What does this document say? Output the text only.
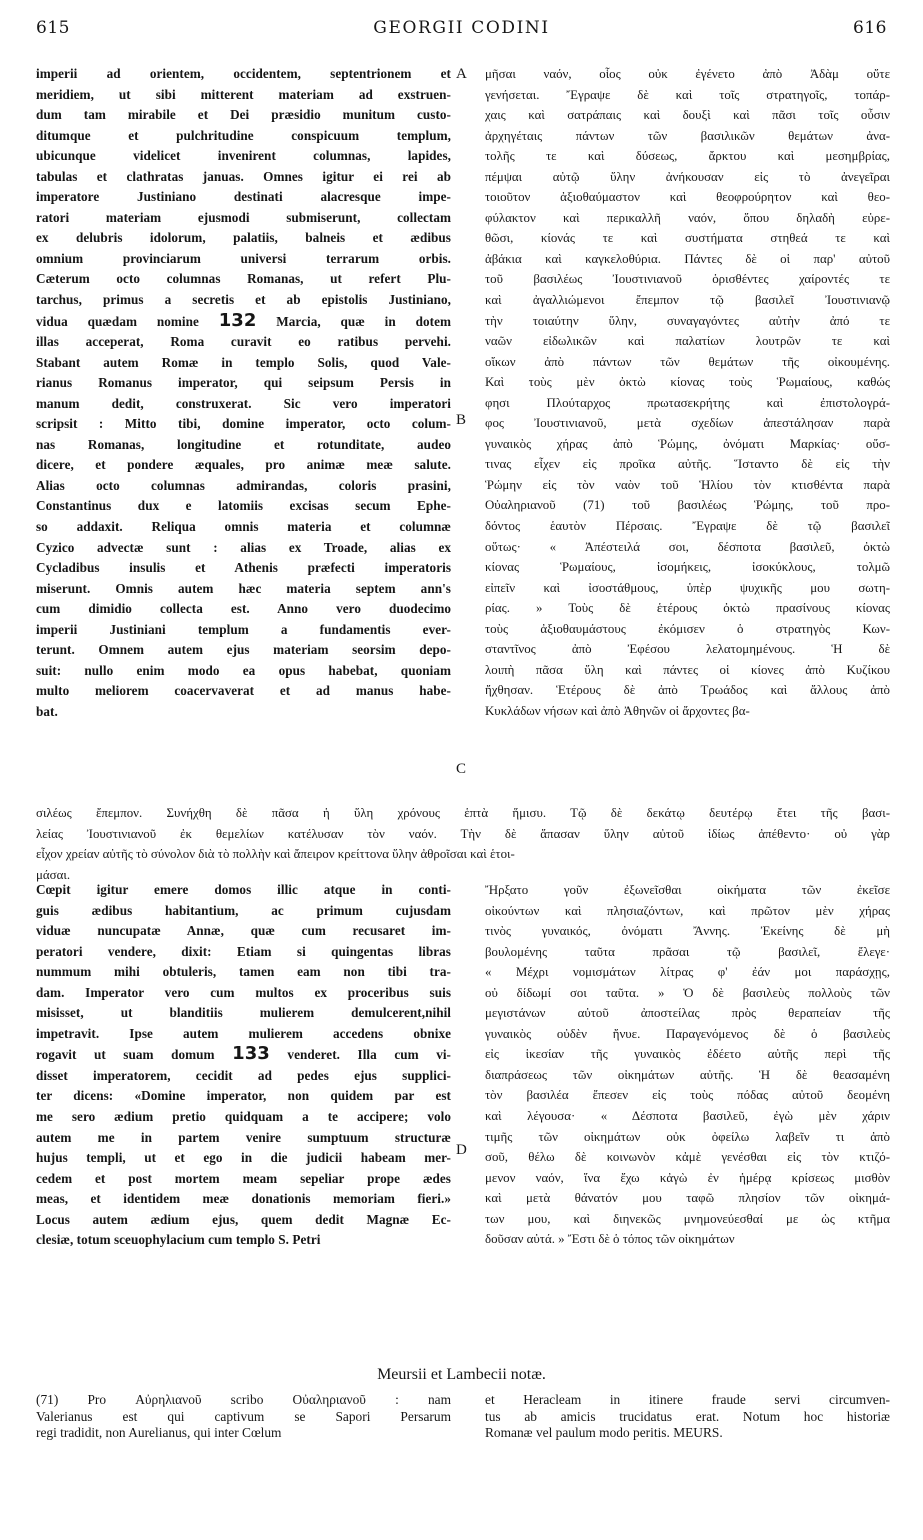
615	GEORGII CODINI	616
A
B
C
D
imperii ad orientem, occidentem, septentrionem et
meridiem, ut sibi mitterent materiam ad exstruen-
dum tam mirabile et Dei præsidio munitum custo-
ditumque et pulchritudine conspicuum templum,
ubicunque videlicet invenirent columnas, lapides,
tabulas et clathratas januas. Omnes igitur ei rei ab
imperatore Justiniano destinati alacresque impe-
ratori materiam ejusmodi submiserunt, collectam
ex delubris idolorum, palatiis, balneis et ædibus
omnium provinciarum universi terrarum orbis.
Cæterum octo columnas Romanas, ut refert Plu-
tarchus, primus a secretis et ab epistolis Justiniano,
vidua quædam nomine 132 Marcia, quæ in dotem
illas acceperat, Roma curavit eo ratibus pervehi.
Stabant autem Romæ in templo Solis, quod Vale-
rianus Romanus imperator, qui seipsum Persis in
manum dedit, construxerat. Sic vero imperatori
scripsit : Mitto tibi, domine imperator, octo colum-
nas Romanas, longitudine et rotunditate, audeo
dicere, et pondere æquales, pro animæ meæ salute.
Alias octo columnas admirandas, coloris prasini,
Constantinus dux e latomiis excisas secum Ephe-
so addaxit. Reliqua omnis materia et columnæ
Cyzico advectæ sunt : alias ex Troade, alias ex
Cycladibus insulis et Athenis præfecti imperatoris
miserunt. Omnis autem hæc materia septem ann's
cum dimidio collecta est. Anno vero duodecimo
imperii Justiniani templum a fundamentis ever-
terunt. Omnem autem ejus materiam seorsim depo-
suit: nullo enim modo ea opus habebat, quoniam
multo meliorem coacervaverat et ad manus habe-
bat.
μῆσαι ναόν, οἷος οὐκ ἐγένετο ἀπὸ Ἀδὰμ οὔτε
γενήσεται. Ἔγραψε δὲ καὶ τοῖς στρατηγοῖς, τοπάρ-
χαις καὶ σατράπαις καὶ δουξὶ καὶ πᾶσι τοῖς οὖσιν
ἀρχηγέταις πάντων τῶν βασιλικῶν θεμάτων ἀνα-
τολῆς τε καὶ δύσεως, ἄρκτου καὶ μεσημβρίας,
πέμψαι αὐτῷ ὕλην ἀνήκουσαν εἰς τὸ ἀνεγεῖραι
τοιοῦτον ἀξιοθαύμαστον καὶ θεοφρούρητον καὶ θεο-
φύλακτον καὶ περικαλλῆ ναόν, ὅπου δηλαδὴ εὑρε-
θῶσι, κίονάς τε καὶ συστήματα στηθεά τε καὶ
ἀβάκια καὶ καγκελοθύρια. Πάντες δὲ οἱ παρ' αὐτοῦ
τοῦ βασιλέως Ἰουστινιανοῦ ὁρισθέντες χαίροντές τε
καὶ ἀγαλλιώμενοι ἔπεμπον τῷ βασιλεῖ Ἰουστινιανῷ
τὴν τοιαύτην ὕλην, συναγαγόντες αὐτὴν ἀπό τε
ναῶν εἰδωλικῶν καὶ παλατίων λουτρῶν τε καὶ
οἴκων ἀπὸ πάντων τῶν θεμάτων τῆς οἰκουμένης.
Καὶ τοὺς μὲν ὀκτὼ κίονας τοὺς Ῥωμαίους, καθώς
φησι Πλούταρχος πρωτασεκρήτης καὶ ἐπιστολογρά-
φος Ἰουστινιανοῦ, μετὰ σχεδίων ἀπεστάλησαν παρὰ
γυναικὸς χήρας ἀπὸ Ῥώμης, ὀνόματι Μαρκίας· οὔσ-
τινας εἶχεν εἰς προῖκα αὐτῆς. Ἵσταντο δὲ εἰς τὴν
Ῥώμην εἰς τὸν ναὸν τοῦ Ἡλίου τὸν κτισθέντα παρὰ
Οὐαληριανοῦ (71) τοῦ βασιλέως Ῥώμης, τοῦ προ-
δόντος ἑαυτὸν Πέρσαις. Ἔγραψε δὲ τῷ βασιλεῖ
οὕτως· « Ἀπέστειλά σοι, δέσποτα βασιλεῦ, ὀκτὼ
κίονας Ῥωμαίους, ἰσομήκεις, ἰσοκύκλους, τολμῶ
εἰπεῖν καὶ ἰσοστάθμους, ὑπὲρ ψυχικῆς μου σωτη-
ρίας. » Τοὺς δὲ ἑτέρους ὀκτὼ πρασίνους κίονας
τοὺς ἀξιοθαυμάστους ἐκόμισεν ὁ στρατηγὸς Κων-
σταντῖνος ἀπὸ Ἐφέσου λελατομημένους. Ἡ δὲ
λοιπὴ πᾶσα ὕλη καὶ πάντες οἱ κίονες ἀπὸ Κυζίκου
ἤχθησαν. Ἑτέρους δὲ ἀπὸ Τρωάδος καὶ ἄλλους ἀπὸ
Κυκλάδων νήσων καὶ ἀπὸ Ἀθηνῶν οἱ ἄρχοντες βα-
σιλέως ἔπεμπον. Συνήχθη δὲ πᾶσα ἡ ὕλη χρόνους ἑπτὰ ἥμισυ. Τῷ δὲ δεκάτῳ δευτέρῳ ἔτει τῆς βασι-
λείας Ἰουστινιανοῦ ἐκ θεμελίων κατέλυσαν τὸν ναόν. Τὴν δὲ ἅπασαν ὕλην αὐτοῦ ἰδίως ἀπέθεντο· οὐ γὰρ
εἶχον χρείαν αὐτῆς τὸ σύνολον διὰ τὸ πολλὴν καὶ ἄπειρον κρείττονα ὕλην ἀθροῖσαι καὶ ἑτοι-
μάσαι.
Cœpit igitur emere domos illic atque in conti-
guis ædibus habitantium, ac primum cujusdam
viduæ nuncupatæ Annæ, quæ cum recusaret im-
peratori vendere, dixit: Etiam si quingentas libras
nummum mihi obtuleris, tamen eam non tibi tra-
dam. Imperator vero cum multos ex proceribus suis
misisset, ut blanditiis mulierem demulcerent,nihil
impetravit. Ipse autem mulierem accedens obnixe
rogavit ut suam domum 133 venderet. Illa cum vi-
disset imperatorem, cecidit ad pedes ejus supplici-
ter dicens: «Domine imperator, non quidem par est
me sero ædium pretio quidquam a te accipere; volo
autem me in partem venire sumptuum structuræ
hujus templi, ut et ego in die judicii habeam mer-
cedem et post mortem meam sepeliar prope ædes
meas, et identidem meæ donationis memoriam fieri.»
Locus autem ædium ejus, quem dedit Magnæ Ec-
clesiæ, totum sceuophylacium cum templo S. Petri
Ἤρξατο γοῦν ἐξωνεῖσθαι οἰκήματα τῶν ἐκεῖσε
οἰκούντων καὶ πλησιαζόντων, καὶ πρῶτον μὲν χήρας
τινὸς γυναικός, ὀνόματι Ἄννης. Ἐκείνης δὲ μὴ
βουλομένης ταῦτα πρᾶσαι τῷ βασιλεῖ, ἔλεγε·
« Μέχρι νομισμάτων λίτρας φ' ἐάν μοι παράσχῃς,
οὐ δίδωμί σοι ταῦτα. » Ὁ δὲ βασιλεὺς πολλοὺς τῶν
μεγιστάνων αὐτοῦ ἀποστείλας πρὸς θεραπείαν τῆς
γυναικὸς οὐδὲν ἤνυε. Παραγενόμενος δὲ ὁ βασιλεὺς
εἰς ἱκεσίαν τῆς γυναικὸς ἐδέετο αὐτῆς περὶ τῆς
διαπράσεως τῶν οἰκημάτων αὐτῆς. Ἡ δὲ θεασαμένη
τὸν βασιλέα ἔπεσεν εἰς τοὺς πόδας αὐτοῦ δεομένη
καὶ λέγουσα· « Δέσποτα βασιλεῦ, ἐγὼ μὲν χάριν
τιμῆς τῶν οἰκημάτων οὐκ ὀφείλω λαβεῖν τι ἀπὸ
σοῦ, θέλω δὲ κοινωνὸν κἀμὲ γενέσθαι εἰς τὸν κτιζό-
μενον ναόν, ἵνα ἔχω κἀγὼ ἐν ἡμέρᾳ κρίσεως μισθὸν
καὶ μετὰ θάνατόν μου ταφῶ πλησίον τῶν οἰκημά-
των μου, καὶ διηνεκῶς μνημονεύεσθαί με ὡς κτῆμα
δοῦσαν αὐτά. » Ἔστι δὲ ὁ τόπος τῶν οἰκημάτων
Meursii et Lambecii notæ.
(71) Pro Αὐρηλιανοῦ scribo Οὐαληριανοῦ : nam
Valerianus est qui captivum se Sapori Persarum
regi tradidit, non Aurelianus, qui inter Cœlum
et Heracleam in itinere fraude servi circumven-
tus ab amicis trucidatus erat. Notum hoc historiæ
Romanæ vel paulum modo peritis. MEURS.
